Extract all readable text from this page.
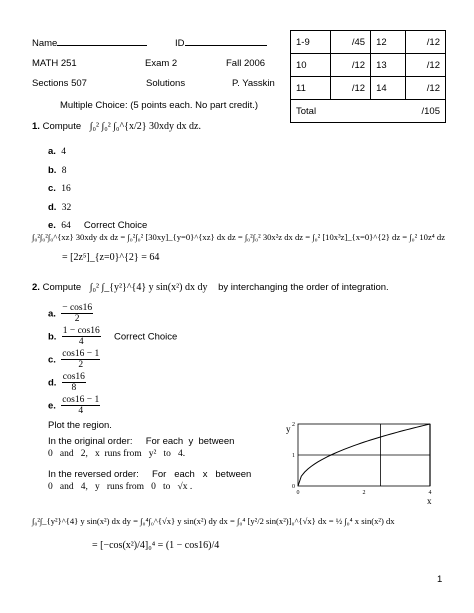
Name	ID
MATH 251	Exam 2	Fall 2006
Sections 507	Solutions	P. Yasskin
1-9	/45	12	/12
10	/12	13	/12
11	/12	14	/12
Total		/105	
Multiple Choice: (5 points each. No part credit.)
1. Compute ∫₀² ∫₀² ∫₀^{x/2} 30xdy dx dz.
a. 4
b. 8
c. 16
d. 32
e. 64 Correct Choice
∫₀²∫₀²∫₀^{xz} 30xdy dx dz = ∫₀²∫₀² [30xy]_{y=0}^{xz} dx dz = ∫₀²∫₀² 30x²z dx dz = ∫₀² [10x³z]_{x=0}^{2} dz = ∫₀² 10z⁴ dz
= [2z⁵]_{z=0}^{2} = 64
2. Compute ∫₀² ∫_{y²}^{4} y sin(x²) dx dy by interchanging the order of integration.
a. $\frac{- \cos 16}{2}$
b. $\frac{1 - \cos 16}{4}$ Correct Choice
c. $\frac{\cos 16 - 1}{2}$
d. $\frac{\cos 16}{8}$
e. $\frac{\cos 16 - 1}{4}$
Plot the region.
In the original order:     For each  y  between
0   and   2,   x  runs from   y²   to   4.
In the reversed order:     For   each   x   between
0   and   4,   y   runs from   0   to   √x .
0	2	4
0
1
2
y
x
∫₀²∫_{y²}^{4} y sin(x²) dx dy = ∫₀⁴∫₀^{√x} y sin(x²) dy dx = ∫₀⁴ [y²/2 sin(x²)]₀^{√x} dx = ½ ∫₀⁴ x sin(x²) dx
= [−cos(x²)/4]₀⁴ = (1 − cos16)/4
1
